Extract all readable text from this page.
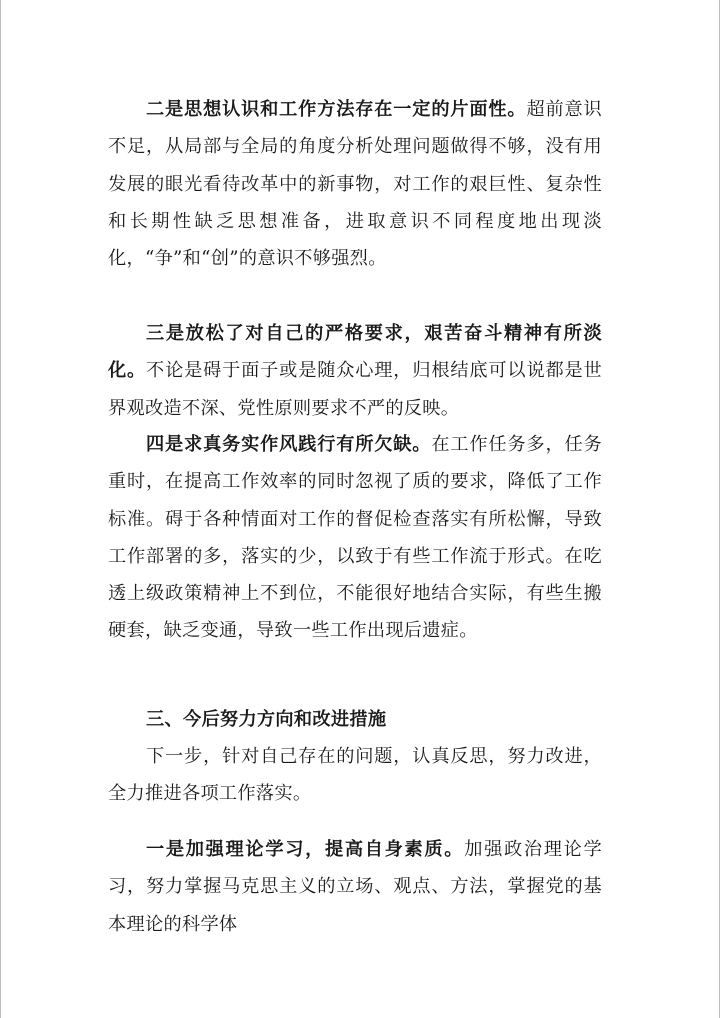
二是思想认识和工作方法存在一定的片面性。超前意识不足，从局部与全局的角度分析处理问题做得不够，没有用发展的眼光看待改革中的新事物，对工作的艰巨性、复杂性和长期性缺乏思想准备，进取意识不同程度地出现淡化，“争”和“创”的意识不够强烈。

三是放松了对自己的严格要求，艰苦奋斗精神有所淡化。不论是碍于面子或是随众心理，归根结底可以说都是世界观改造不深、党性原则要求不严的反映。

四是求真务实作风践行有所欠缺。在工作任务多，任务重时，在提高工作效率的同时忽视了质的要求，降低了工作标准。碍于各种情面对工作的督促检查落实有所松懈，导致工作部署的多，落实的少，以致于有些工作流于形式。在吃透上级政策精神上不到位，不能很好地结合实际，有些生搬硬套，缺乏变通，导致一些工作出现后遗症。

三、今后努力方向和改进措施

下一步，针对自己存在的问题，认真反思，努力改进，全力推进各项工作落实。

一是加强理论学习，提高自身素质。加强政治理论学习，努力掌握马克思主义的立场、观点、方法，掌握党的基本理论的科学体
